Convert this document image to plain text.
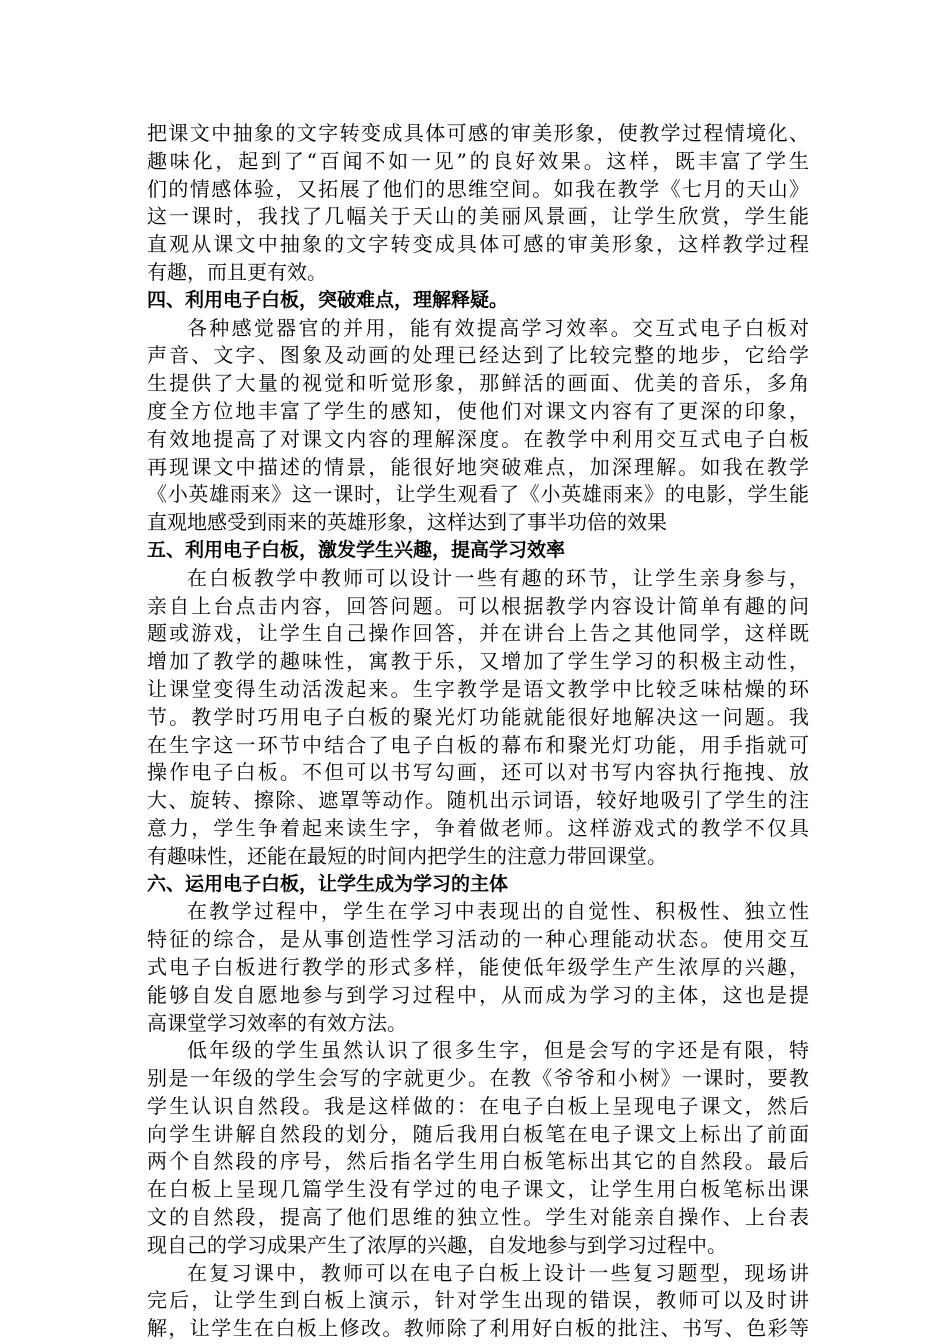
把课文中抽象的文字转变成具体可感的审美形象，使教学过程情境化、
趣味化，起到了“百闻不如一见”的良好效果。这样，既丰富了学生
们的情感体验，又拓展了他们的思维空间。如我在教学《七月的天山》
这一课时，我找了几幅关于天山的美丽风景画，让学生欣赏，学生能
直观从课文中抽象的文字转变成具体可感的审美形象，这样教学过程
有趣，而且更有效。
四、利用电子白板，突破难点，理解释疑。
各种感觉器官的并用，能有效提高学习效率。交互式电子白板对
声音、文字、图象及动画的处理已经达到了比较完整的地步，它给学
生提供了大量的视觉和听觉形象，那鲜活的画面、优美的音乐，多角
度全方位地丰富了学生的感知，使他们对课文内容有了更深的印象，
有效地提高了对课文内容的理解深度。在教学中利用交互式电子白板
再现课文中描述的情景，能很好地突破难点，加深理解。如我在教学
《小英雄雨来》这一课时，让学生观看了《小英雄雨来》的电影，学生能
直观地感受到雨来的英雄形象，这样达到了事半功倍的效果
五、利用电子白板，激发学生兴趣，提高学习效率
在白板教学中教师可以设计一些有趣的环节，让学生亲身参与，
亲自上台点击内容，回答问题。可以根据教学内容设计简单有趣的问
题或游戏，让学生自己操作回答，并在讲台上告之其他同学，这样既
增加了教学的趣味性，寓教于乐，又增加了学生学习的积极主动性，
让课堂变得生动活泼起来。生字教学是语文教学中比较乏味枯燥的环
节。教学时巧用电子白板的聚光灯功能就能很好地解决这一问题。我
在生字这一环节中结合了电子白板的幕布和聚光灯功能，用手指就可
操作电子白板。不但可以书写勾画，还可以对书写内容执行拖拽、放
大、旋转、擦除、遮罩等动作。随机出示词语，较好地吸引了学生的注
意力，学生争着起来读生字，争着做老师。这样游戏式的教学不仅具
有趣味性，还能在最短的时间内把学生的注意力带回课堂。
六、运用电子白板，让学生成为学习的主体
在教学过程中，学生在学习中表现出的自觉性、积极性、独立性
特征的综合，是从事创造性学习活动的一种心理能动状态。使用交互
式电子白板进行教学的形式多样，能使低年级学生产生浓厚的兴趣，
能够自发自愿地参与到学习过程中，从而成为学习的主体，这也是提
高课堂学习效率的有效方法。
低年级的学生虽然认识了很多生字，但是会写的字还是有限，特
别是一年级的学生会写的字就更少。在教《爷爷和小树》一课时，要教
学生认识自然段。我是这样做的：在电子白板上呈现电子课文，然后
向学生讲解自然段的划分，随后我用白板笔在电子课文上标出了前面
两个自然段的序号，然后指名学生用白板笔标出其它的自然段。最后
在白板上呈现几篇学生没有学过的电子课文，让学生用白板笔标出课
文的自然段，提高了他们思维的独立性。学生对能亲自操作、上台表
现自己的学习成果产生了浓厚的兴趣，自发地参与到学习过程中。
在复习课中，教师可以在电子白板上设计一些复习题型，现场讲
完后，让学生到白板上演示，针对学生出现的错误，教师可以及时讲
解，让学生在白板上修改。教师除了利用好白板的批注、书写、色彩等
